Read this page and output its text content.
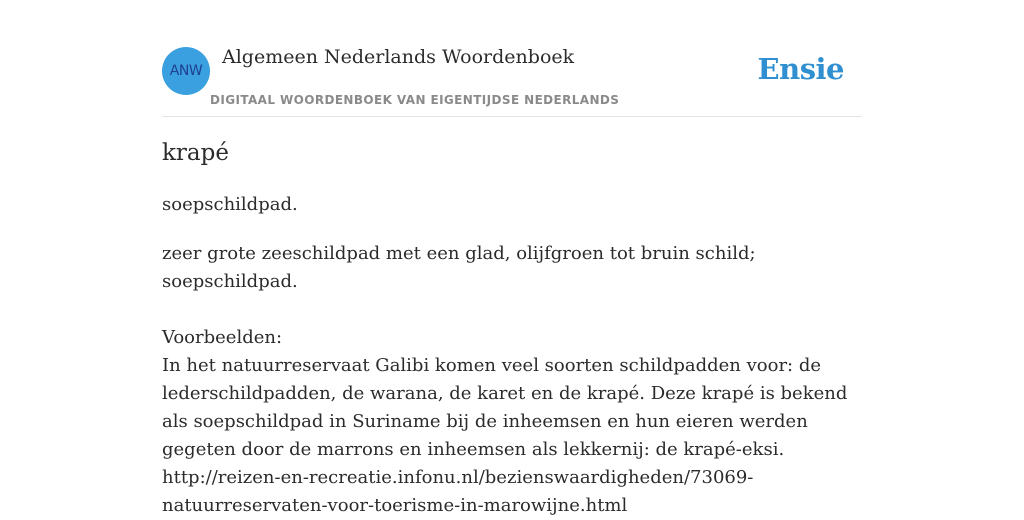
ANW
Algemeen Nederlands Woordenboek
DIGITAAL WOORDENBOEK VAN EIGENTIJDSE NEDERLANDS
Ensie
krapé
soepschildpad.

zeer grote zeeschildpad met een glad, olijfgroen tot bruin schild; soepschildpad.

Voorbeelden:

In het natuurreservaat Galibi komen veel soorten schildpadden voor: de lederschildpadden, de warana, de karet en de krapé. Deze krapé is bekend als soepschildpad in Suriname bij de inheemsen en hun eieren werden gegeten door de marrons en inheemsen als lekkernij: de krapé-eksi.

http://reizen-en-recreatie.infonu.nl/bezienswaardigheden/73069-

natuurreservaten-voor-toerisme-in-marowijne.html
